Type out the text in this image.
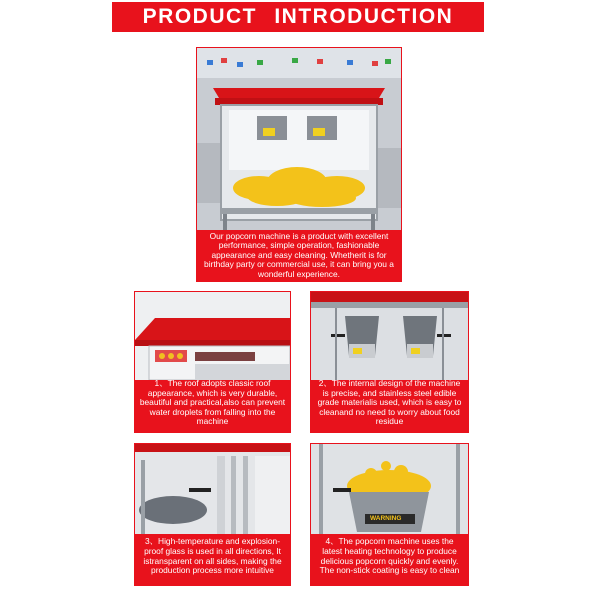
PRODUCT INTRODUCTION
Our popcorn machine is a product with excellent performance, simple operation, fashionable appearance and easy cleaning. Whetherit is for birthday party or commercial use, it can bring you a wonderful experience.
1、The roof adopts classic roof appearance, which is very durable, beautiful and practical,also can prevent water droplets from falling into the machine
2、The internal design of the machine is precise, and stainless steel edible grade materialis used, which is easy to cleanand no need to worry about food residue
3、High-temperature and explosion-proof glass is used in all directions, It istransparent on all sides, making the production process more intuitive
WARNING
4、The popcorn machine uses the latest heating technology to produce delicious popcorn quickly and evenly. The non-stick coating is easy to clean
